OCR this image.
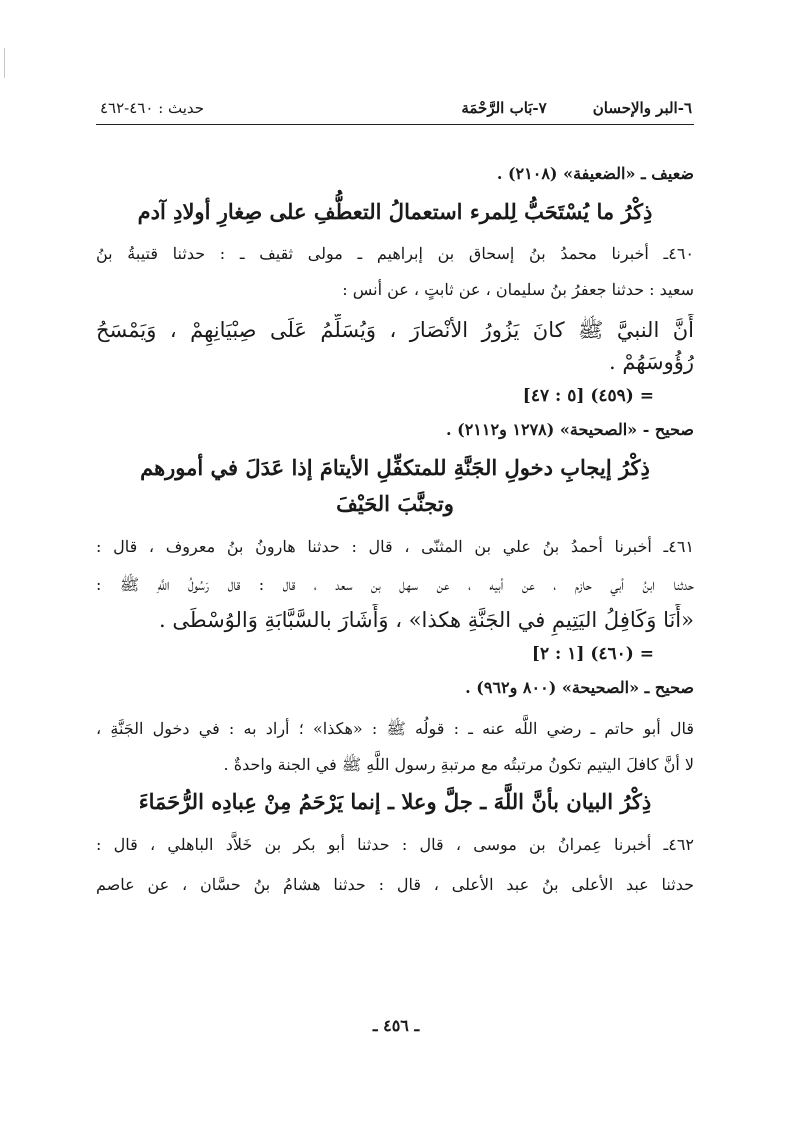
٦-البر والإحسان
٧-بَاب الرَّحْمَة
حديث : ٤٦٠-٤٦٢
ضعيف ـ «الضعيفة» (٢١٠٨) .
ذِكْرُ ما يُسْتَحَبُّ لِلمرء استعمالُ التعطُّفِ على صِغارِ أولادِ آدم
٤٦٠ـ أخبرنا محمدُ بنُ إسحاق بن إبراهيم ـ مولى ثقيف ـ : حدثنا قتيبةُ بنُ
سعيد : حدثنا جعفرُ بنُ سليمان ، عن ثابتٍ ، عن أنس :
أَنَّ النبيَّ ﷺ كانَ يَزُورُ الأنْصَارَ ، وَيُسَلِّمُ عَلَى صِبْيَانِهِمْ ، وَيَمْسَحُ
رُؤُوسَهُمْ .
= (٤٥٩) [٥ : ٤٧]
صحيح - «الصحيحة» (١٢٧٨ و٢١١٢) .
ذِكْرُ إيجابِ دخولِ الجَنَّةِ للمتكفِّلِ الأيتامَ إذا عَدَلَ في أمورهم
وتجنَّبَ الحَيْفَ
٤٦١ـ أخبرنا أحمدُ بنُ علي بن المثنّى ، قال : حدثنا هارونُ بنُ معروف ، قال :
حدثنا ابنُ أبي حازم ، عن أبيه ، عن سهل بن سعد ، قال : قال رَسُولُ اللَّهِ ﷺ :
«أَنَا وَكَافِلُ اليَتِيمِ في الجَنَّةِ هكذا» ، وَأَشَارَ بالسَّبَّابَةِ وَالوُسْطَى .
= (٤٦٠) [١ : ٢]
صحيح ـ «الصحيحة» (٨٠٠ و٩٦٢) .
قال أبو حاتم ـ رضي اللَّه عنه ـ : قولُه ﷺ : «هكذا» ؛ أراد به : في دخول الجَنَّةِ ،
لا أنَّ كافلَ اليتيم تكونُ مرتبتُه مع مرتبةِ رسول اللَّهِ ﷺ في الجنة واحدةٌ .
ذِكْرُ البيان بأنَّ اللَّهَ ـ جلَّ وعلا ـ إنما يَرْحَمُ مِنْ عِبادِه الرُّحَمَاءَ
٤٦٢ـ أخبرنا عِمرانُ بن موسى ، قال : حدثنا أبو بكر بن خَلاَّد الباهلي ، قال :
حدثنا عبد الأعلى بنُ عبد الأعلى ، قال : حدثنا هشامُ بنُ حسَّان ، عن عاصم
ـ ٤٥٦ ـ
